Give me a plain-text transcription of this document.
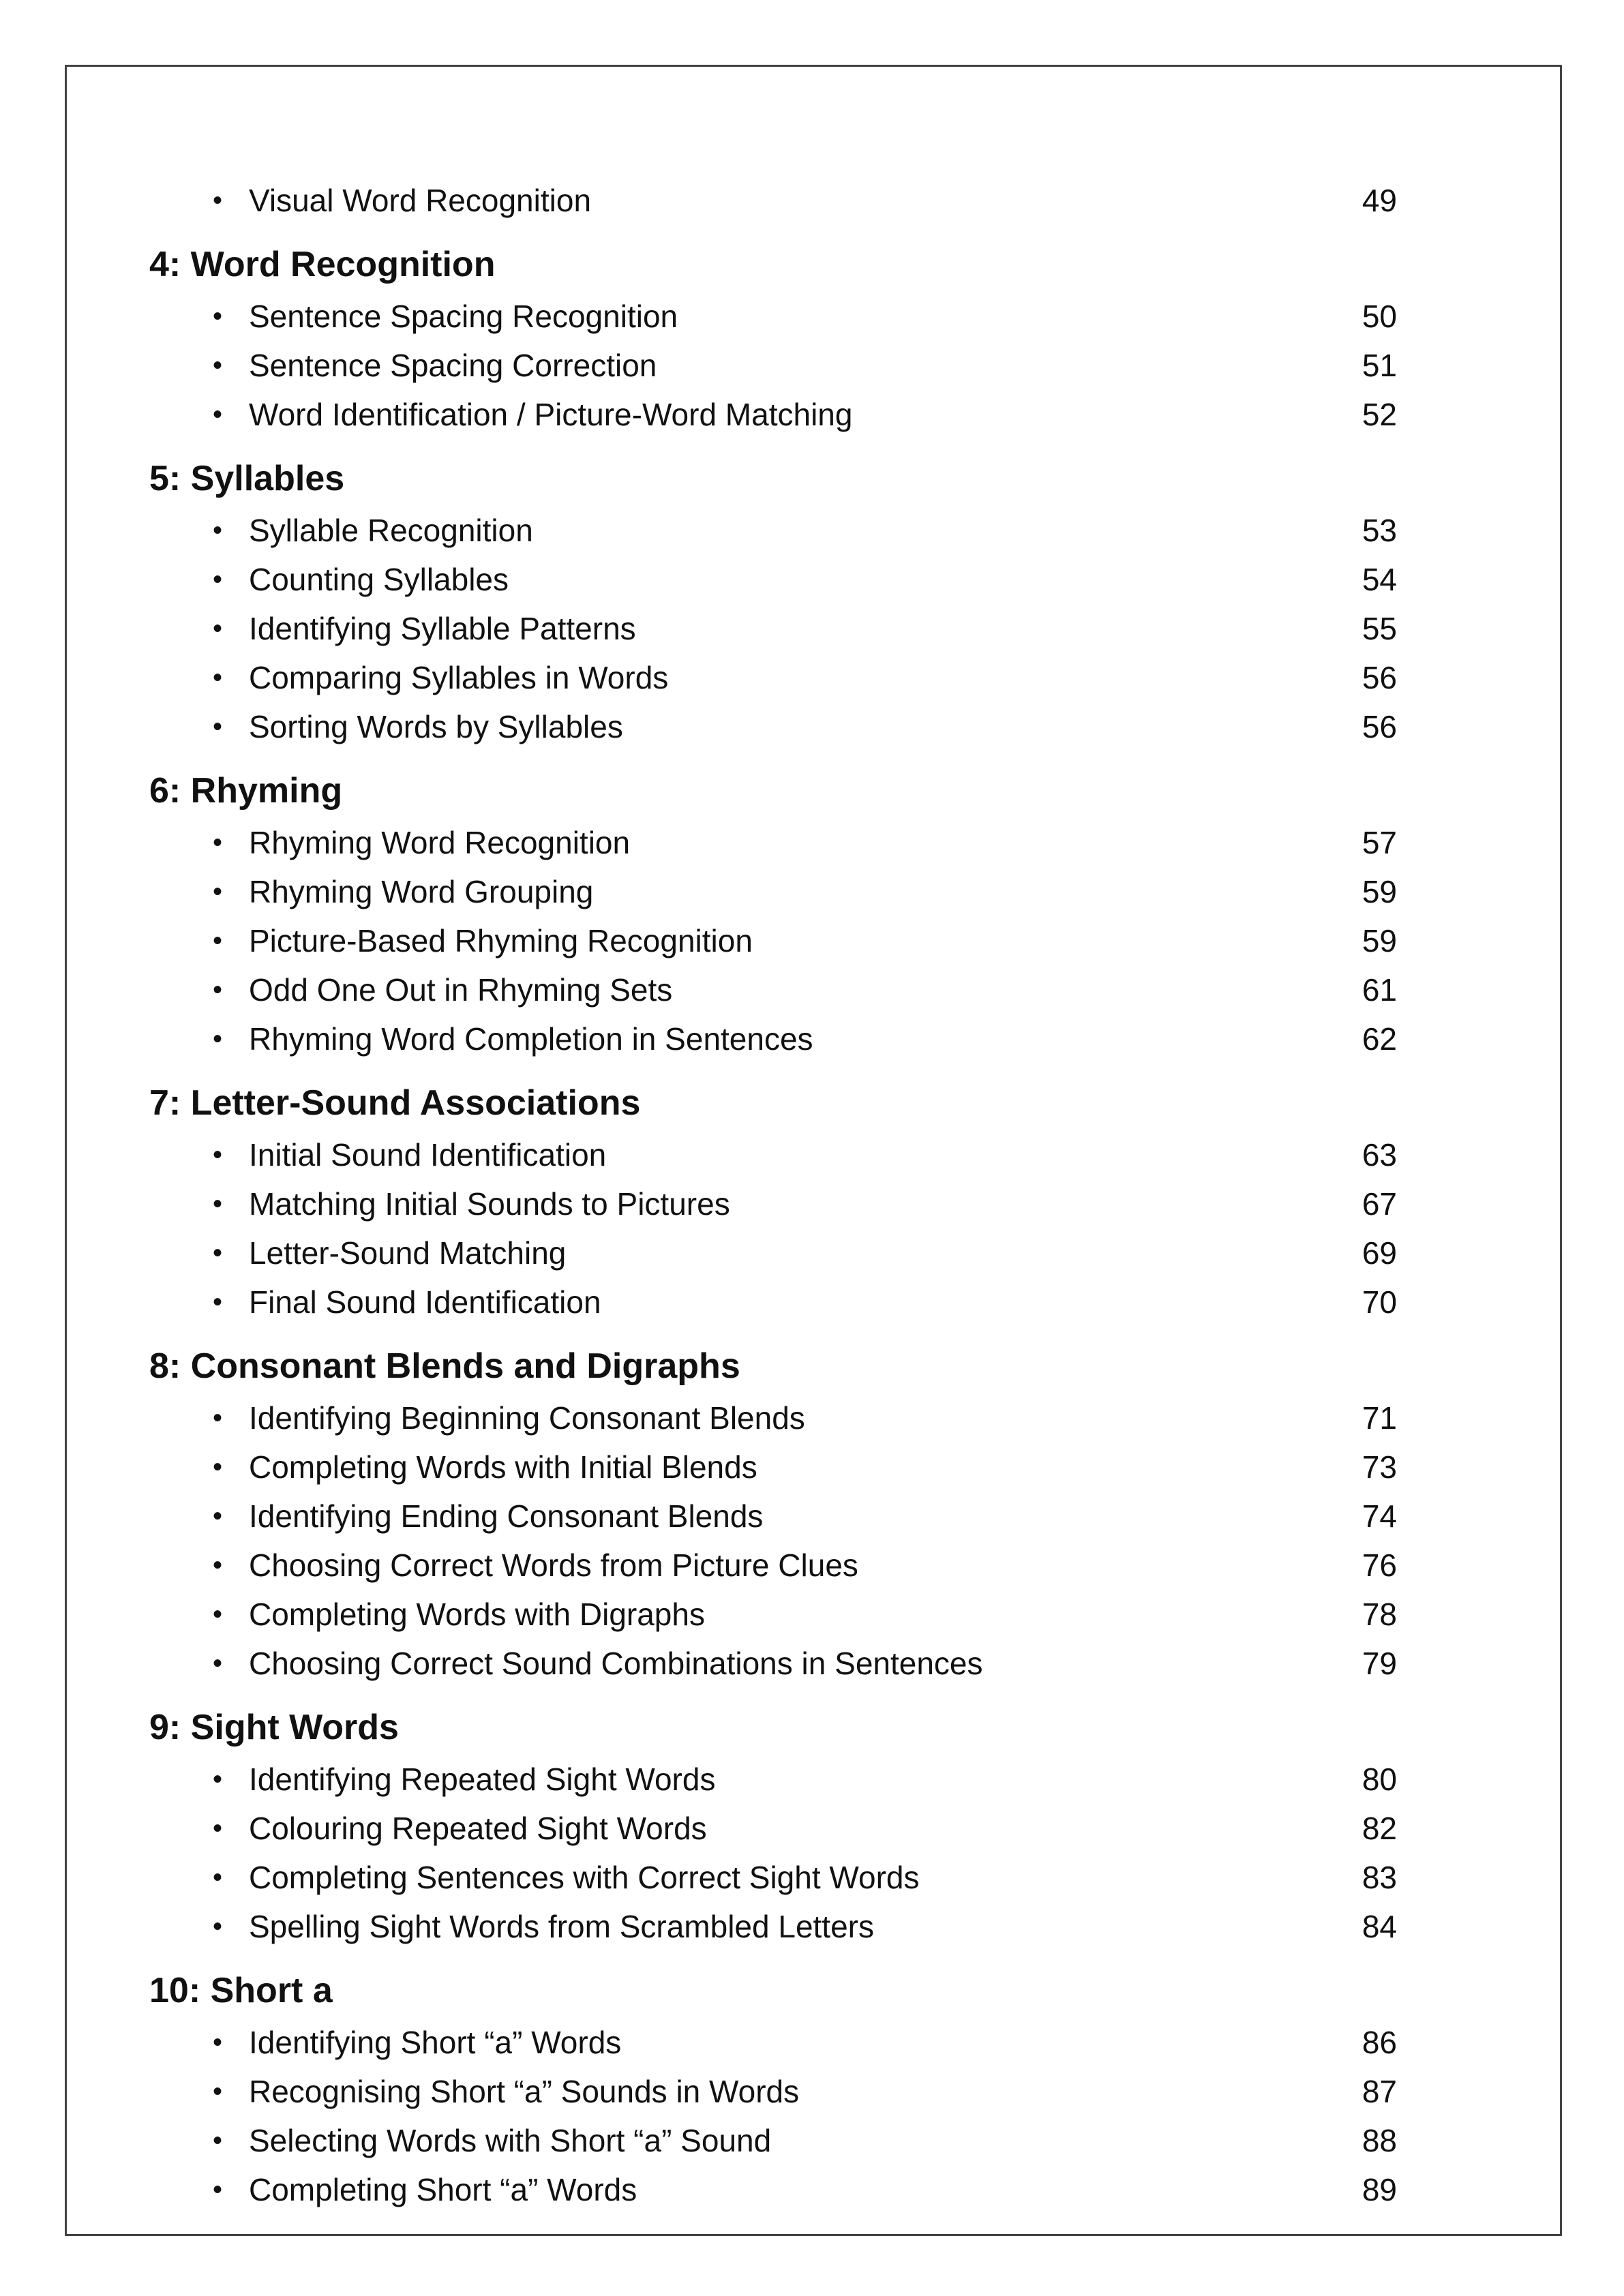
• Visual Word Recognition	49
4: Word Recognition
• Sentence Spacing Recognition	50
• Sentence Spacing Correction	51
• Word Identification / Picture-Word Matching	52
5: Syllables
• Syllable Recognition	53
• Counting Syllables	54
• Identifying Syllable Patterns	55
• Comparing Syllables in Words	56
• Sorting Words by Syllables	56
6: Rhyming
• Rhyming Word Recognition	57
• Rhyming Word Grouping	59
• Picture-Based Rhyming Recognition	59
• Odd One Out in Rhyming Sets	61
• Rhyming Word Completion in Sentences	62
7: Letter-Sound Associations
• Initial Sound Identification	63
• Matching Initial Sounds to Pictures	67
• Letter-Sound Matching	69
• Final Sound Identification	70
8: Consonant Blends and Digraphs
• Identifying Beginning Consonant Blends	71
• Completing Words with Initial Blends	73
• Identifying Ending Consonant Blends	74
• Choosing Correct Words from Picture Clues	76
• Completing Words with Digraphs	78
• Choosing Correct Sound Combinations in Sentences	79
9: Sight Words
• Identifying Repeated Sight Words	80
• Colouring Repeated Sight Words	82
• Completing Sentences with Correct Sight Words	83
• Spelling Sight Words from Scrambled Letters	84
10: Short a
• Identifying Short “a” Words	86
• Recognising Short “a” Sounds in Words	87
• Selecting Words with Short “a” Sound	88
• Completing Short “a” Words	89
